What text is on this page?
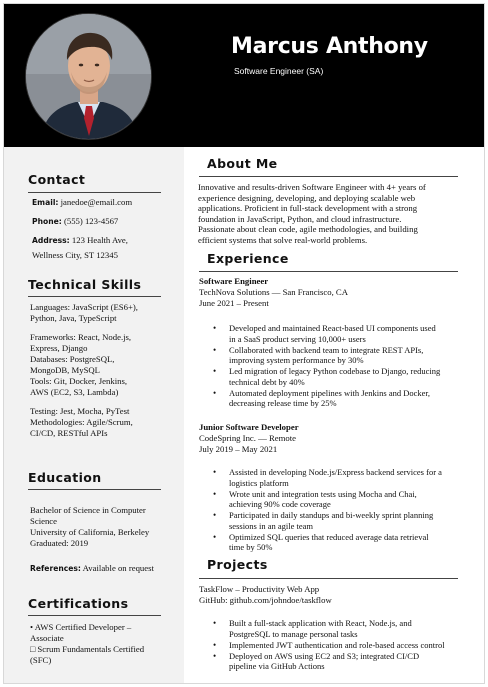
Marcus Anthony
Software Engineer (SA)
Contact
Email: janedoe@email.com
Phone: (555) 123-4567
Address: 123 Health Ave,
Wellness City, ST 12345
Technical Skills
Languages: JavaScript (ES6+),
Python, Java, TypeScript
Frameworks: React, Node.js,
Express, Django
Databases: PostgreSQL,
MongoDB, MySQL
Tools: Git, Docker, Jenkins,
AWS (EC2, S3, Lambda)
Testing: Jest, Mocha, PyTest
Methodologies: Agile/Scrum,
CI/CD, RESTful APIs
Education
Bachelor of Science in Computer
Science
University of California, Berkeley
Graduated: 2019
References: Available on request
Certifications
• AWS Certified Developer –
Associate
□ Scrum Fundamentals Certified
(SFC)
About Me
Innovative and results-driven Software Engineer with 4+ years of
experience designing, developing, and deploying scalable web
applications. Proficient in full-stack development with a strong
foundation in JavaScript, Python, and cloud infrastructure.
Passionate about clean code, agile methodologies, and building
efficient systems that solve real-world problems.
Experience
Software Engineer
TechNova Solutions — San Francisco, CA
June 2021 – Present
• Developed and maintained React-based UI components used
in a SaaS product serving 10,000+ users
• Collaborated with backend team to integrate REST APIs,
improving system performance by 30%
• Led migration of legacy Python codebase to Django, reducing
technical debt by 40%
• Automated deployment pipelines with Jenkins and Docker,
decreasing release time by 25%
Junior Software Developer
CodeSpring Inc. — Remote
July 2019 – May 2021
• Assisted in developing Node.js/Express backend services for a
logistics platform
• Wrote unit and integration tests using Mocha and Chai,
achieving 90% code coverage
• Participated in daily standups and bi-weekly sprint planning
sessions in an agile team
• Optimized SQL queries that reduced average data retrieval
time by 50%
Projects
TaskFlow – Productivity Web App
GitHub: github.com/johndoe/taskflow
• Built a full-stack application with React, Node.js, and
PostgreSQL to manage personal tasks
• Implemented JWT authentication and role-based access control
• Deployed on AWS using EC2 and S3; integrated CI/CD
pipeline via GitHub Actions
